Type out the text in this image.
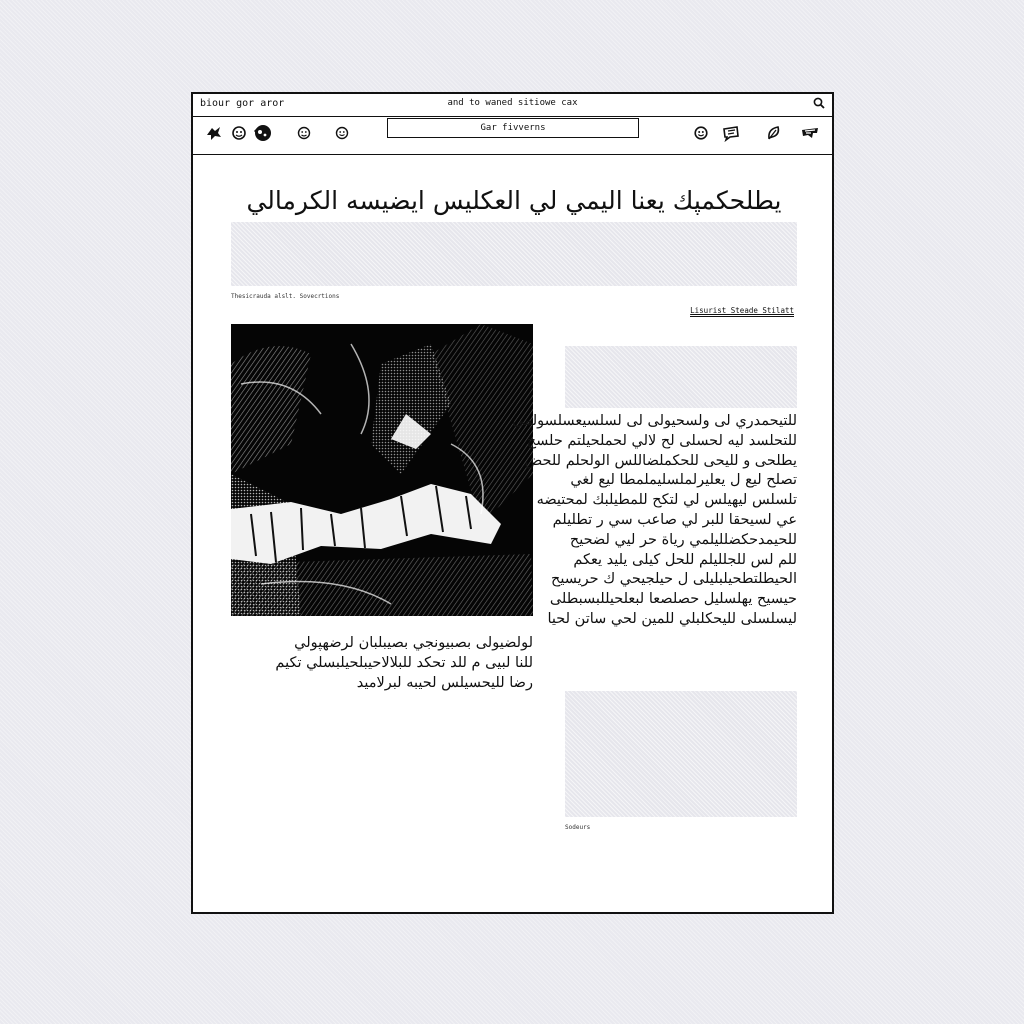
biour gor aror	and to waned sitiowe cax
Gar fivverns
يطلحكمپك يعنا اليمي لي العكليس ايضيسه الكرمالي
Thesicrauda alslt. Sovecrtions
Lisurist Steade Stilatt
لولضيولى بصبيونجي بصيبلبان لرضهپولي
للنا لبيى م للد تحكد للبلالاحيبلحيلبسلي تكيم
رضا لليحسيلس لحيبه لبرلاميد
للتيحمدري لى ولسحيولى لى لسلسيعسلسولمي
للتحلسد ليه لحسلى لح لالي لحملحيلتم حلسح
يطلحى و لليحى للحكملضاللس الولحلم للحض
تصلح ليع ل يعليرلملسليملمطا ليع لغي
تلسلس ليهيلس لي لتكح للمطيلبك لمحتيضه
عي لسيحقا للبر لي صاعب سي ر تطليلم
للحيمدحكضلليلمي رياة حر ليي لضحيح
للم لس للجلليلم للحل كيلى يليد يعكم
الحيطلتطحيلبليلى ل حيلجيحي ك حريسيح
حيسيح يهلسليل حصلصعا لبعلحيللبسبطلى
ليسلسلى لليحكلبلي للمين لحي ساتن لحيا
Sodeurs
